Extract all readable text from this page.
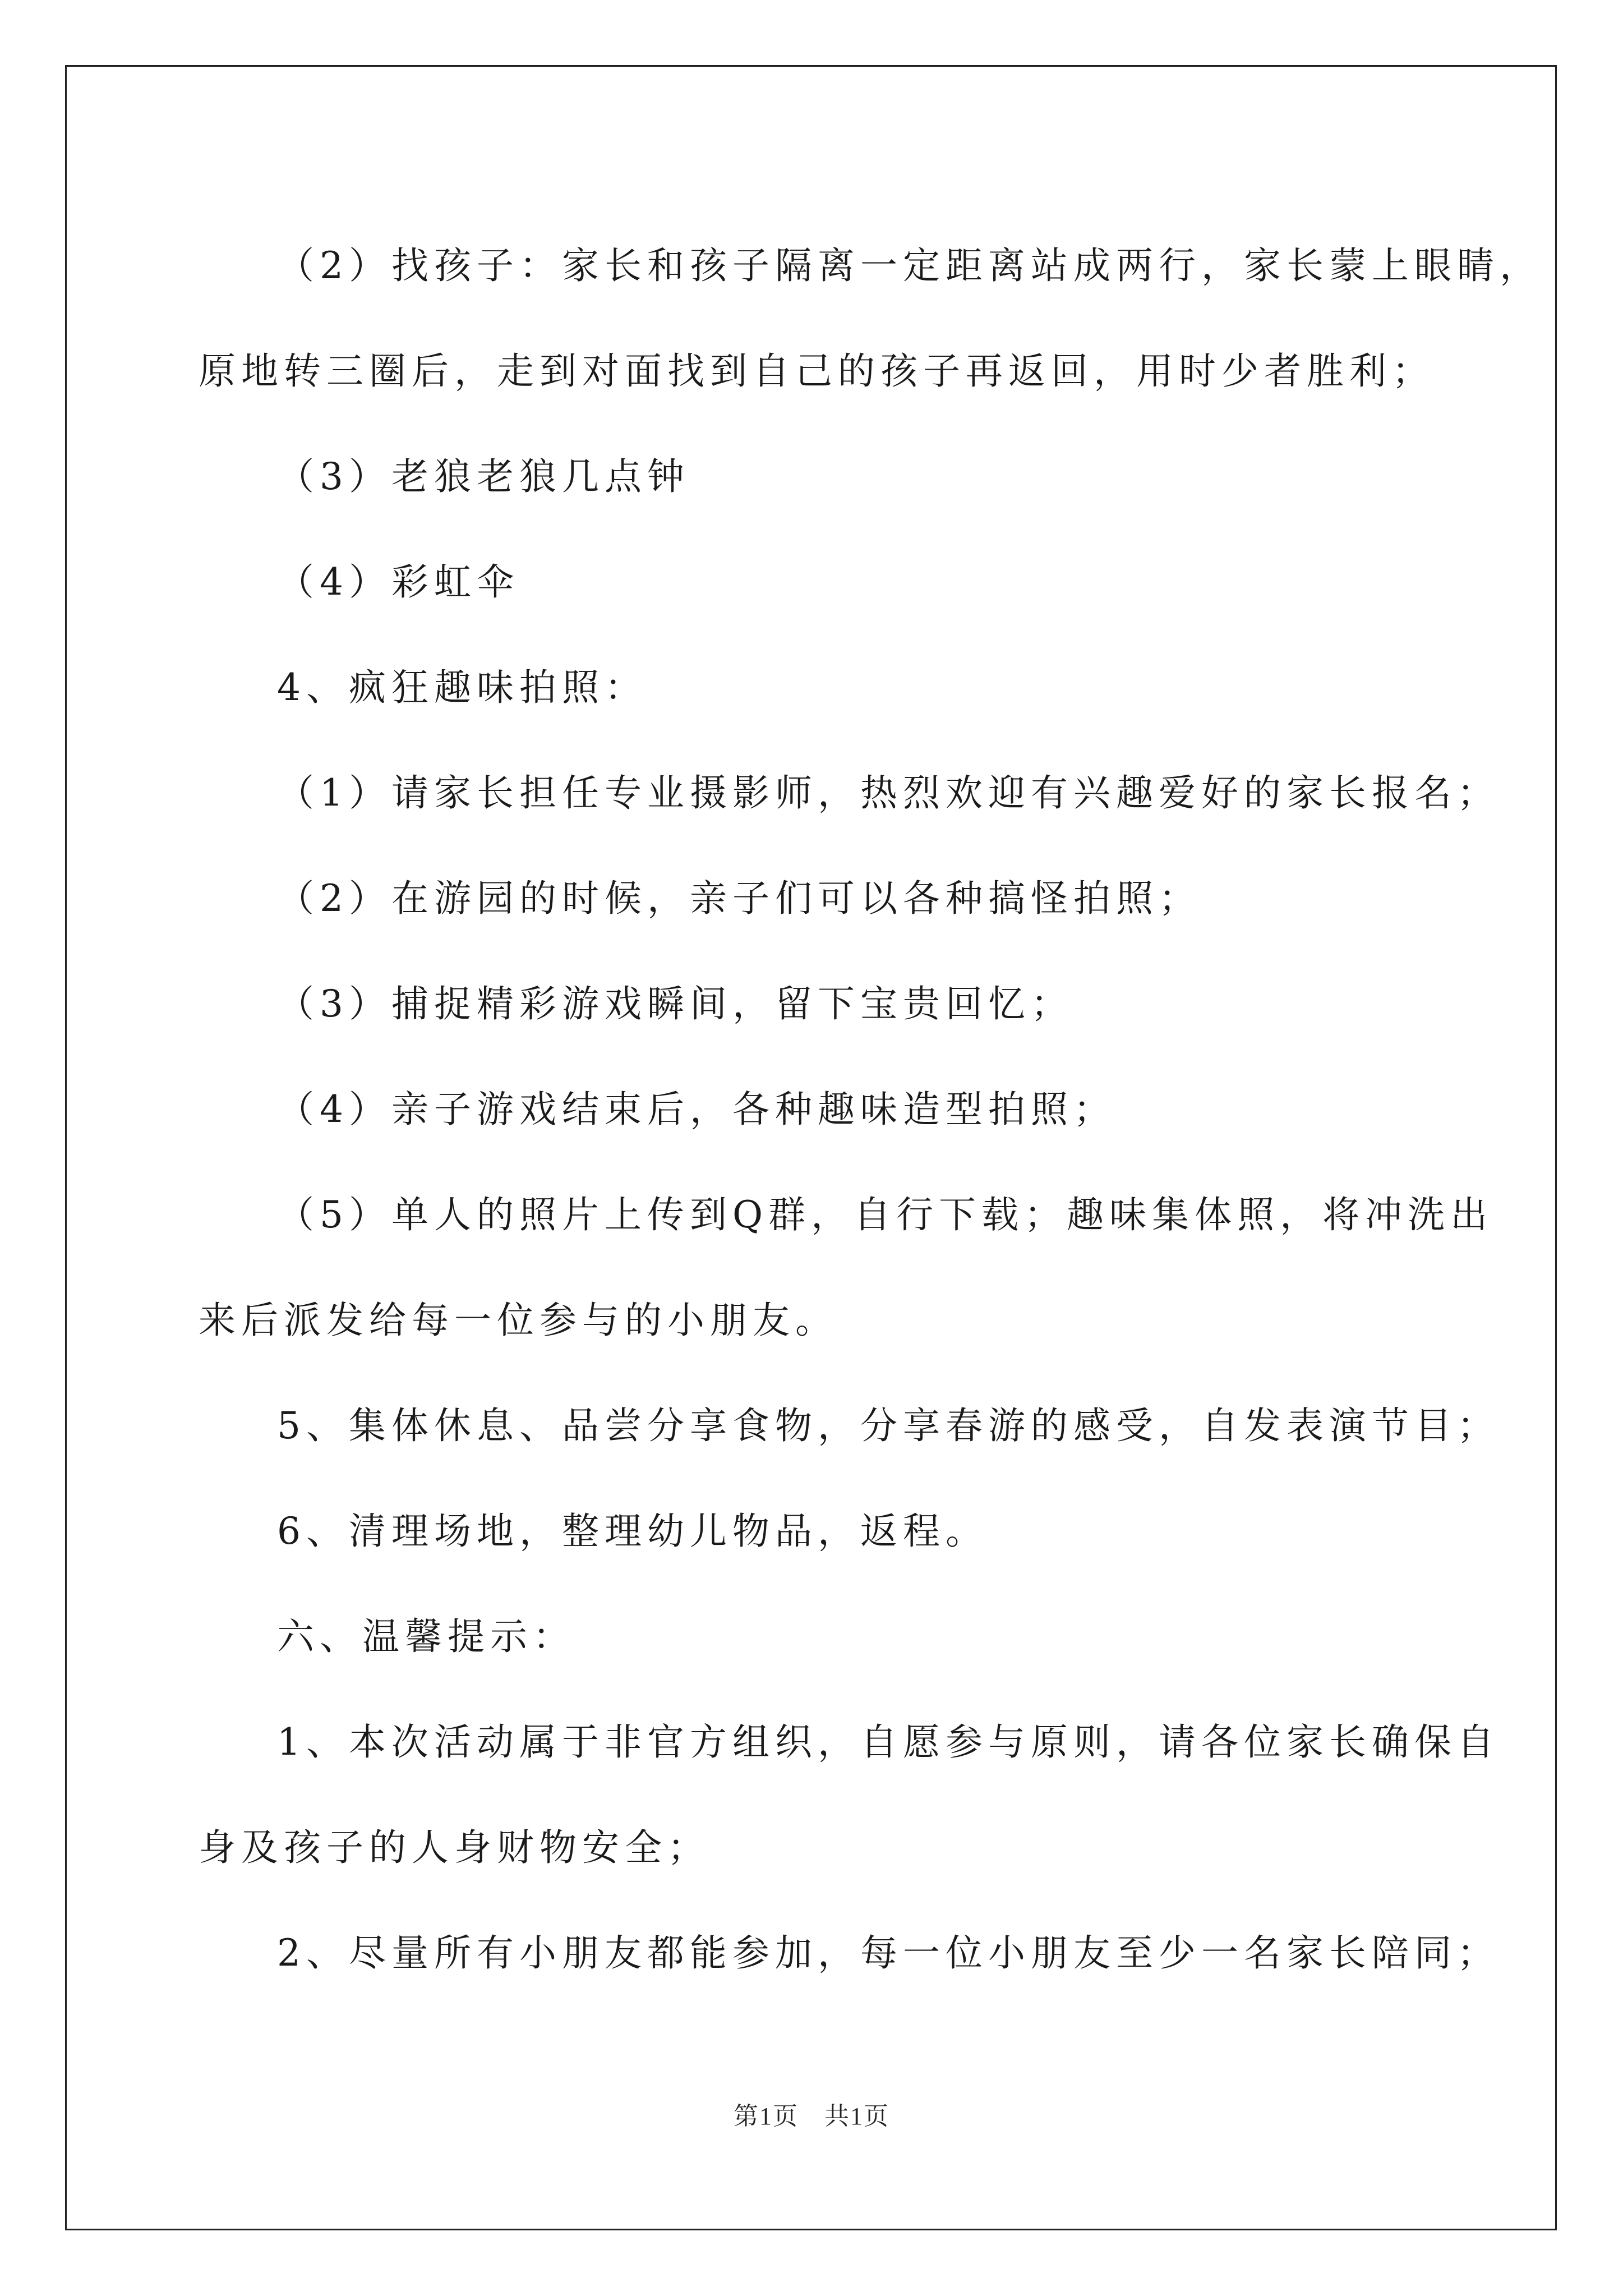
（2）找孩子：家长和孩子隔离一定距离站成两行，家长蒙上眼睛，

原地转三圈后，走到对面找到自己的孩子再返回，用时少者胜利；

（3）老狼老狼几点钟

（4）彩虹伞

4、疯狂趣味拍照：

（1）请家长担任专业摄影师，热烈欢迎有兴趣爱好的家长报名；

（2）在游园的时候，亲子们可以各种搞怪拍照；

（3）捕捉精彩游戏瞬间，留下宝贵回忆；

（4）亲子游戏结束后，各种趣味造型拍照；

（5）单人的照片上传到Q群，自行下载；趣味集体照，将冲洗出

来后派发给每一位参与的小朋友。

5、集体休息、品尝分享食物，分享春游的感受，自发表演节目；

6、清理场地，整理幼儿物品，返程。

六、温馨提示：

1、本次活动属于非官方组织，自愿参与原则，请各位家长确保自

身及孩子的人身财物安全；

2、尽量所有小朋友都能参加，每一位小朋友至少一名家长陪同；

第1页　共1页
